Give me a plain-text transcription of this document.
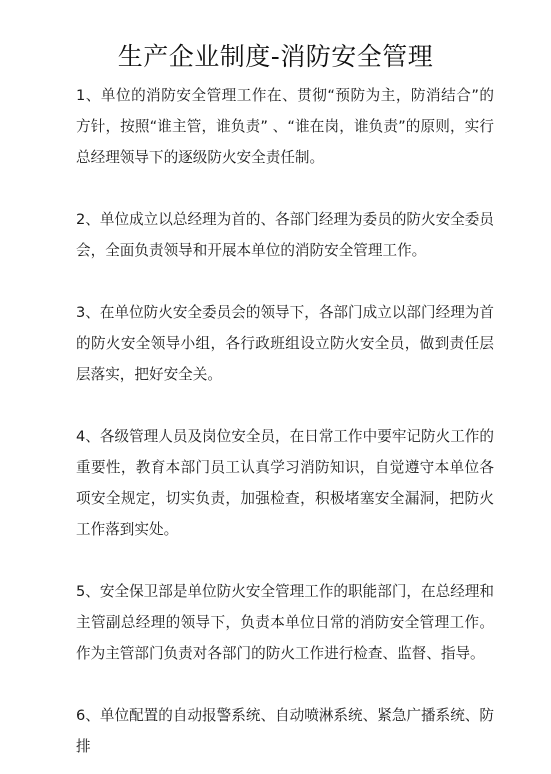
生产企业制度-消防安全管理

1、单位的消防安全管理工作在、贯彻“预防为主，防消结合”的方针，按照“谁主管，谁负责” 、“谁在岗，谁负责”的原则，实行总经理领导下的逐级防火安全责任制。

2、单位成立以总经理为首的、各部门经理为委员的防火安全委员会，全面负责领导和开展本单位的消防安全管理工作。

3、在单位防火安全委员会的领导下，各部门成立以部门经理为首的防火安全领导小组，各行政班组设立防火安全员，做到责任层层落实，把好安全关。

4、各级管理人员及岗位安全员，在日常工作中要牢记防火工作的重要性，教育本部门员工认真学习消防知识，自觉遵守本单位各项安全规定，切实负责，加强检查，积极堵塞安全漏洞，把防火工作落到实处。

5、安全保卫部是单位防火安全管理工作的职能部门，在总经理和主管副总经理的领导下，负责本单位日常的消防安全管理工作。作为主管部门负责对各部门的防火工作进行检查、监督、指导。

6、单位配置的自动报警系统、自动喷淋系统、紧急广播系统、防排
